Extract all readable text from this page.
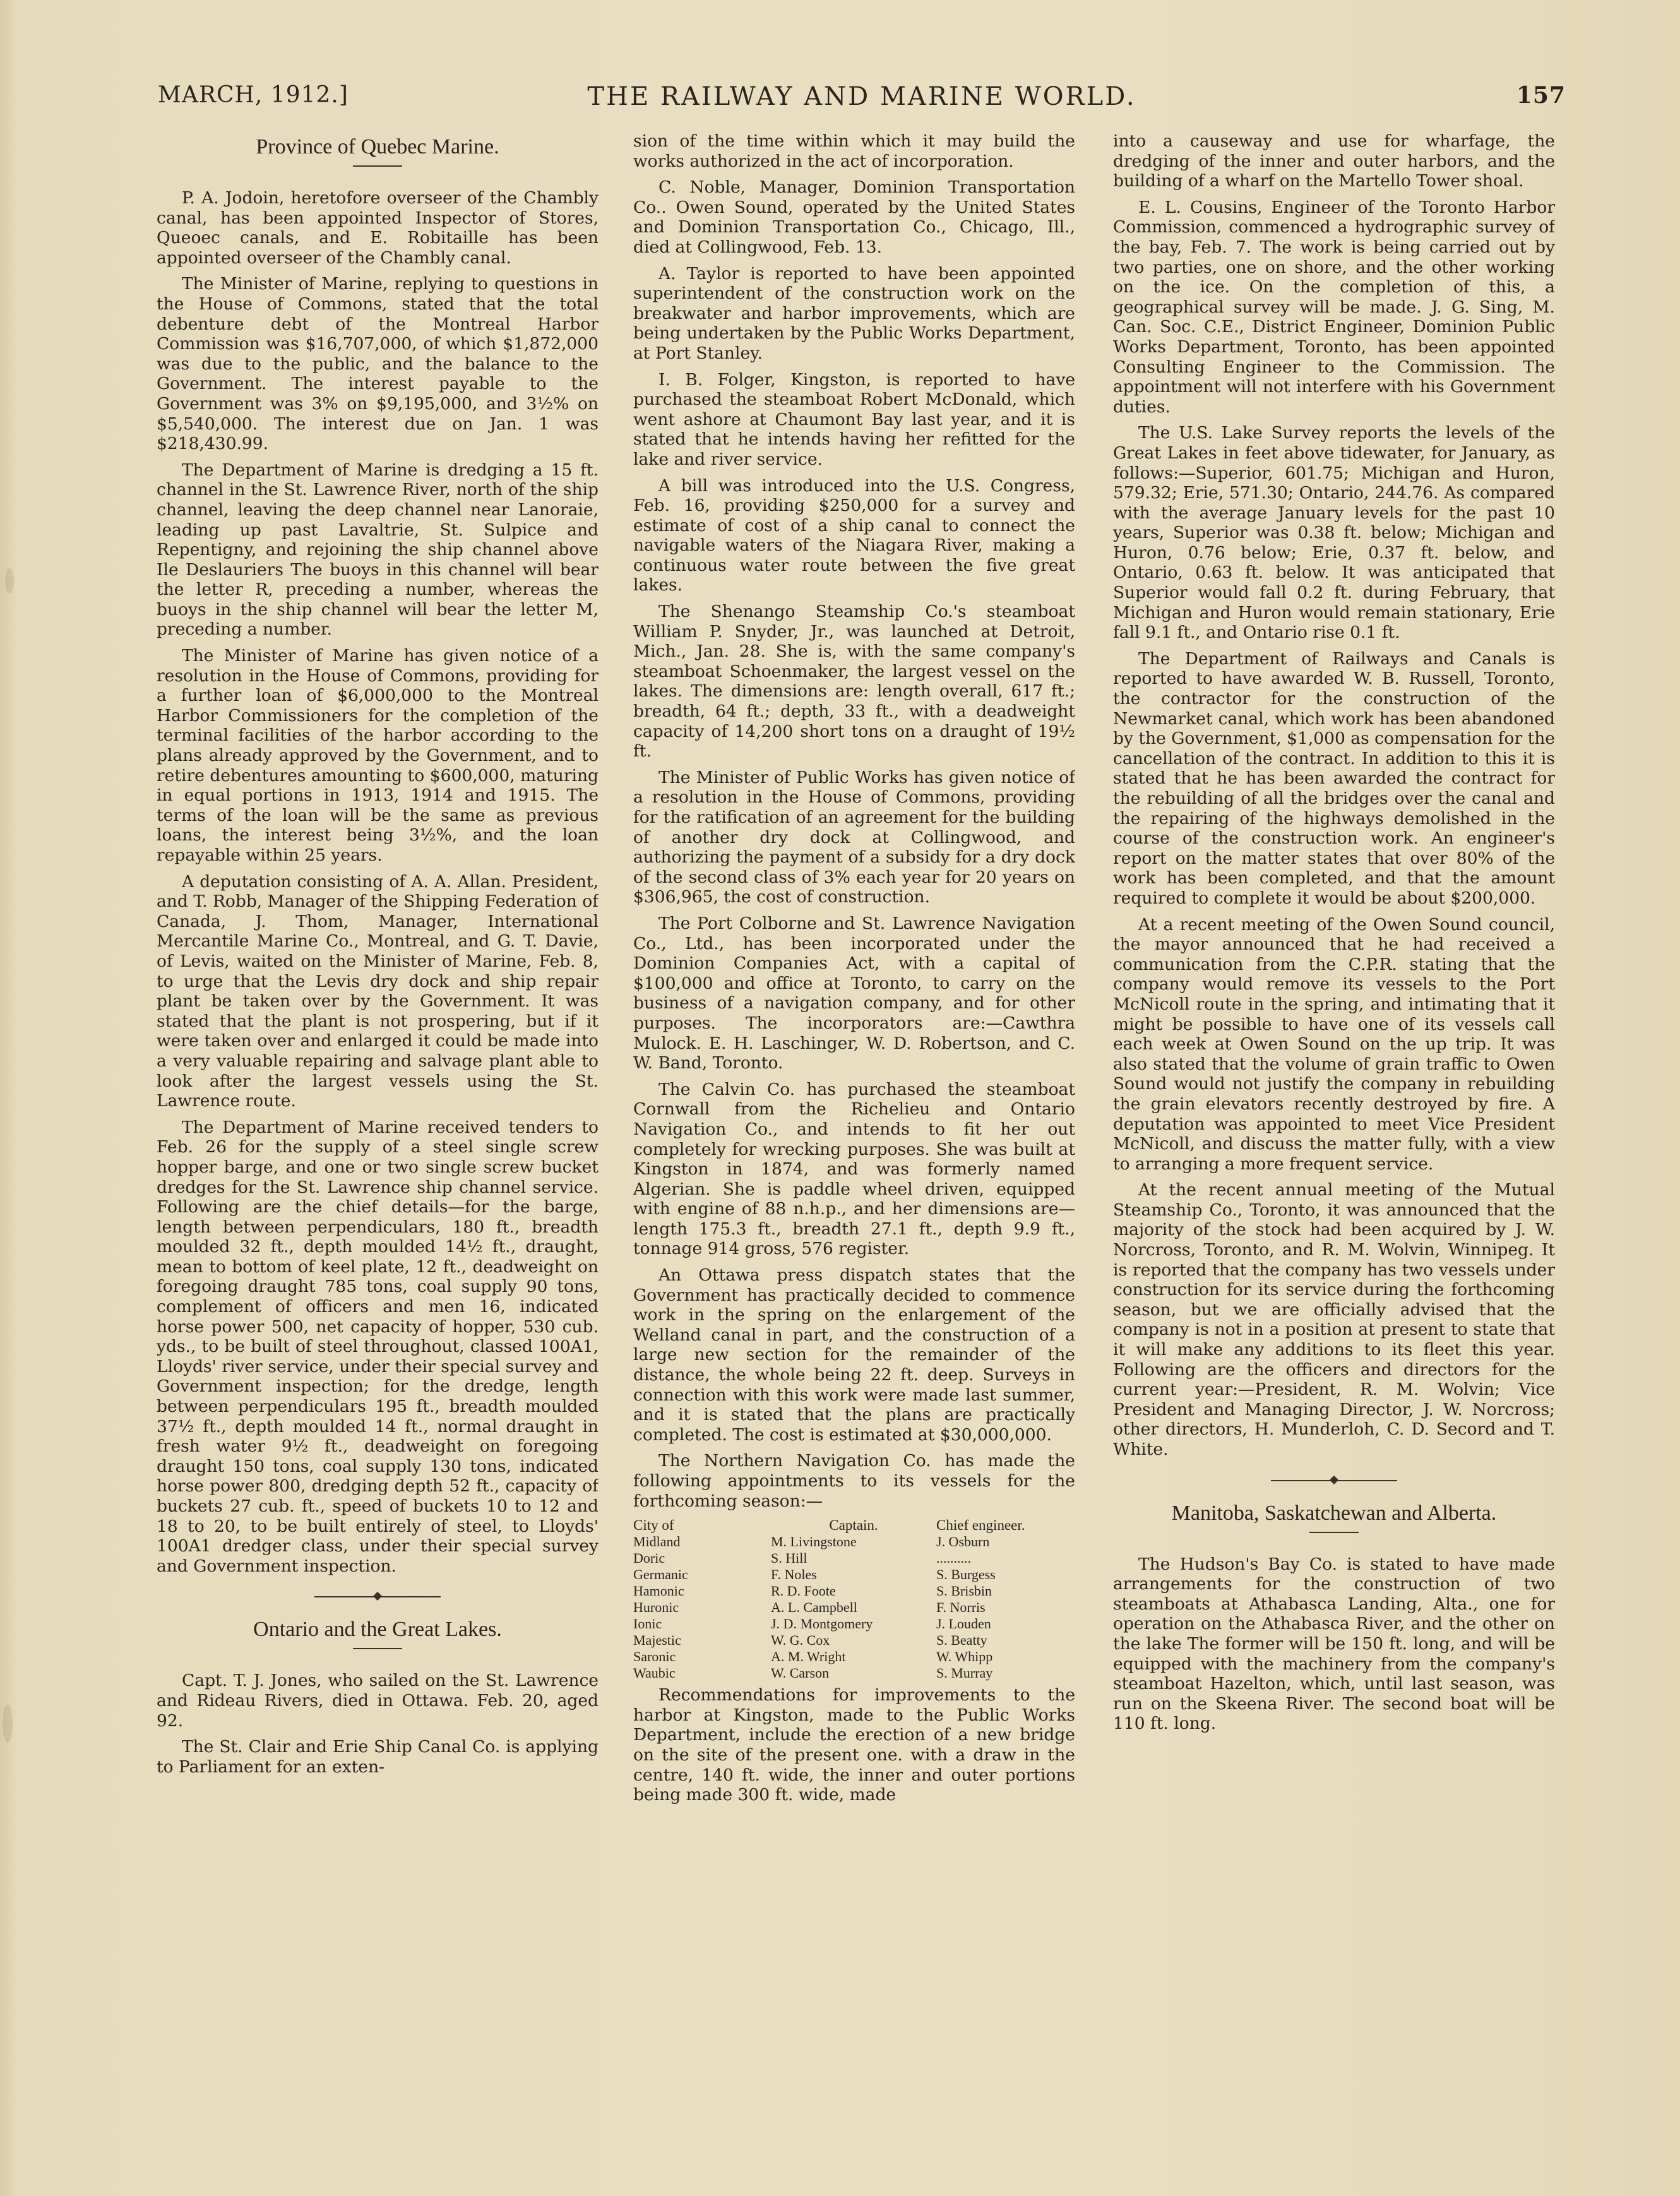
MARCH, 1912.]	THE RAILWAY AND MARINE WORLD.	157
Province of Quebec Marine.

P. A. Jodoin, heretofore overseer of the Chambly canal, has been appointed Inspector of Stores, Queoec canals, and E. Robitaille has been appointed overseer of the Chambly canal.

The Minister of Marine, replying to questions in the House of Commons, stated that the total debenture debt of the Montreal Harbor Commission was $16,707,000, of which $1,872,000 was due to the public, and the balance to the Government. The interest payable to the Government was 3% on $9,195,000, and 3½% on $5,540,000. The interest due on Jan. 1 was $218,430.99.

The Department of Marine is dredging a 15 ft. channel in the St. Lawrence River, north of the ship channel, leaving the deep channel near Lanoraie, leading up past Lavaltrie, St. Sulpice and Repentigny, and rejoining the ship channel above Ile Deslauriers The buoys in this channel will bear the letter R, preceding a number, whereas the buoys in the ship channel will bear the letter M, preceding a number.

The Minister of Marine has given notice of a resolution in the House of Commons, providing for a further loan of $6,000,000 to the Montreal Harbor Commissioners for the completion of the terminal facilities of the harbor according to the plans already approved by the Government, and to retire debentures amounting to $600,000, maturing in equal portions in 1913, 1914 and 1915. The terms of the loan will be the same as previous loans, the interest being 3½%, and the loan repayable within 25 years.

A deputation consisting of A. A. Allan. President, and T. Robb, Manager of the Shipping Federation of Canada, J. Thom, Manager, International Mercantile Marine Co., Montreal, and G. T. Davie, of Levis, waited on the Minister of Marine, Feb. 8, to urge that the Levis dry dock and ship repair plant be taken over by the Government. It was stated that the plant is not prospering, but if it were taken over and enlarged it could be made into a very valuable repairing and salvage plant able to look after the largest vessels using the St. Lawrence route.

The Department of Marine received tenders to Feb. 26 for the supply of a steel single screw hopper barge, and one or two single screw bucket dredges for the St. Lawrence ship channel service. Following are the chief details—for the barge, length between perpendiculars, 180 ft., breadth moulded 32 ft., depth moulded 14½ ft., draught, mean to bottom of keel plate, 12 ft., deadweight on foregoing draught 785 tons, coal supply 90 tons, complement of officers and men 16, indicated horse power 500, net capacity of hopper, 530 cub. yds., to be built of steel throughout, classed 100A1, Lloyds' river service, under their special survey and Government inspection; for the dredge, length between perpendiculars 195 ft., breadth moulded 37½ ft., depth moulded 14 ft., normal draught in fresh water 9½ ft., deadweight on foregoing draught 150 tons, coal supply 130 tons, indicated horse power 800, dredging depth 52 ft., capacity of buckets 27 cub. ft., speed of buckets 10 to 12 and 18 to 20, to be built entirely of steel, to Lloyds' 100A1 dredger class, under their special survey and Government inspection.

Ontario and the Great Lakes.

Capt. T. J. Jones, who sailed on the St. Lawrence and Rideau Rivers, died in Ottawa. Feb. 20, aged 92.

The St. Clair and Erie Ship Canal Co. is applying to Parliament for an exten-

sion of the time within which it may build the works authorized in the act of incorporation.

C. Noble, Manager, Dominion Transportation Co.. Owen Sound, operated by the United States and Dominion Transportation Co., Chicago, Ill., died at Collingwood, Feb. 13.

A. Taylor is reported to have been appointed superintendent of the construction work on the breakwater and harbor improvements, which are being undertaken by the Public Works Department, at Port Stanley.

I. B. Folger, Kingston, is reported to have purchased the steamboat Robert McDonald, which went ashore at Chaumont Bay last year, and it is stated that he intends having her refitted for the lake and river service.

A bill was introduced into the U.S. Congress, Feb. 16, providing $250,000 for a survey and estimate of cost of a ship canal to connect the navigable waters of the Niagara River, making a continuous water route between the five great lakes.

The Shenango Steamship Co.'s steamboat William P. Snyder, Jr., was launched at Detroit, Mich., Jan. 28. She is, with the same company's steamboat Schoenmaker, the largest vessel on the lakes. The dimensions are: length overall, 617 ft.; breadth, 64 ft.; depth, 33 ft., with a deadweight capacity of 14,200 short tons on a draught of 19½ ft.

The Minister of Public Works has given notice of a resolution in the House of Commons, providing for the ratification of an agreement for the building of another dry dock at Collingwood, and authorizing the payment of a subsidy for a dry dock of the second class of 3% each year for 20 years on $306,965, the cost of construction.

The Port Colborne and St. Lawrence Navigation Co., Ltd., has been incorporated under the Dominion Companies Act, with a capital of $100,000 and office at Toronto, to carry on the business of a navigation company, and for other purposes. The incorporators are:—Cawthra Mulock. E. H. Laschinger, W. D. Robertson, and C. W. Band, Toronto.

The Calvin Co. has purchased the steamboat Cornwall from the Richelieu and Ontario Navigation Co., and intends to fit her out completely for wrecking purposes. She was built at Kingston in 1874, and was formerly named Algerian. She is paddle wheel driven, equipped with engine of 88 n.h.p., and her dimensions are—length 175.3 ft., breadth 27.1 ft., depth 9.9 ft., tonnage 914 gross, 576 register.

An Ottawa press dispatch states that the Government has practically decided to commence work in the spring on the enlargement of the Welland canal in part, and the construction of a large new section for the remainder of the distance, the whole being 22 ft. deep. Surveys in connection with this work were made last summer, and it is stated that the plans are practically completed. The cost is estimated at $30,000,000.

The Northern Navigation Co. has made the following appointments to its vessels for the forthcoming season:—

City of	Captain.	Chief engineer.
Midland	M. Livingstone	J. Osburn
Doric	S. Hill	..........
Germanic	F. Noles	S. Burgess
Hamonic	R. D. Foote	S. Brisbin
Huronic	A. L. Campbell	F. Norris
Ionic	J. D. Montgomery	J. Louden
Majestic	W. G. Cox	S. Beatty
Saronic	A. M. Wright	W. Whipp
Waubic	W. Carson	S. Murray

Recommendations for improvements to the harbor at Kingston, made to the Public Works Department, include the erection of a new bridge on the site of the present one. with a draw in the centre, 140 ft. wide, the inner and outer portions being made 300 ft. wide, made

into a causeway and use for wharfage, the dredging of the inner and outer harbors, and the building of a wharf on the Martello Tower shoal.

E. L. Cousins, Engineer of the Toronto Harbor Commission, commenced a hydrographic survey of the bay, Feb. 7. The work is being carried out by two parties, one on shore, and the other working on the ice. On the completion of this, a geographical survey will be made. J. G. Sing, M. Can. Soc. C.E., District Engineer, Dominion Public Works Department, Toronto, has been appointed Consulting Engineer to the Commission. The appointment will not interfere with his Government duties.

The U.S. Lake Survey reports the levels of the Great Lakes in feet above tidewater, for January, as follows:—Superior, 601.75; Michigan and Huron, 579.32; Erie, 571.30; Ontario, 244.76. As compared with the average January levels for the past 10 years, Superior was 0.38 ft. below; Michigan and Huron, 0.76 below; Erie, 0.37 ft. below, and Ontario, 0.63 ft. below. It was anticipated that Superior would fall 0.2 ft. during February, that Michigan and Huron would remain stationary, Erie fall 9.1 ft., and Ontario rise 0.1 ft.

The Department of Railways and Canals is reported to have awarded W. B. Russell, Toronto, the contractor for the construction of the Newmarket canal, which work has been abandoned by the Government, $1,000 as compensation for the cancellation of the contract. In addition to this it is stated that he has been awarded the contract for the rebuilding of all the bridges over the canal and the repairing of the highways demolished in the course of the construction work. An engineer's report on the matter states that over 80% of the work has been completed, and that the amount required to complete it would be about $200,000.

At a recent meeting of the Owen Sound council, the mayor announced that he had received a communication from the C.P.R. stating that the company would remove its vessels to the Port McNicoll route in the spring, and intimating that it might be possible to have one of its vessels call each week at Owen Sound on the up trip. It was also stated that the volume of grain traffic to Owen Sound would not justify the company in rebuilding the grain elevators recently destroyed by fire. A deputation was appointed to meet Vice President McNicoll, and discuss the matter fully, with a view to arranging a more frequent service.

At the recent annual meeting of the Mutual Steamship Co., Toronto, it was announced that the majority of the stock had been acquired by J. W. Norcross, Toronto, and R. M. Wolvin, Winnipeg. It is reported that the company has two vessels under construction for its service during the forthcoming season, but we are officially advised that the company is not in a position at present to state that it will make any additions to its fleet this year. Following are the officers and directors for the current year:—President, R. M. Wolvin; Vice President and Managing Director, J. W. Norcross; other directors, H. Munderloh, C. D. Secord and T. White.

Manitoba, Saskatchewan and Alberta.

The Hudson's Bay Co. is stated to have made arrangements for the construction of two steamboats at Athabasca Landing, Alta., one for operation on the Athabasca River, and the other on the lake The former will be 150 ft. long, and will be equipped with the machinery from the company's steamboat Hazelton, which, until last season, was run on the Skeena River. The second boat will be 110 ft. long.
